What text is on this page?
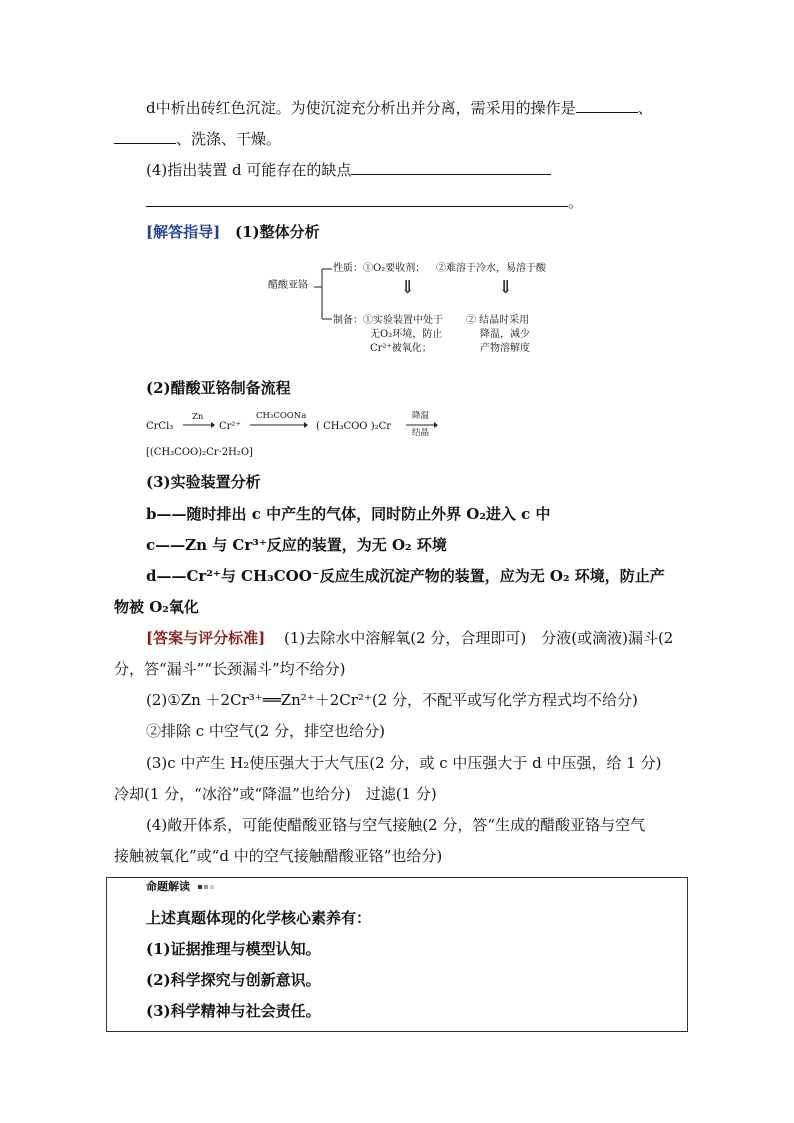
d中析出砖红色沉淀。为使沉淀充分析出并分离，需采用的操作是	、
、洗涤、干燥。
(4)指出装置 d 可能存在的缺点
。
[解答指导] (1)整体分析
醋酸亚铬
性质：①O₂要收剂； ②难溶于冷水，易溶于酸
⇓	⇓
制备：①实验装置中处于
无O₂环境，防止
Cr²⁺被氧化；
② 结晶时采用
降温，减少
产物溶解度
(2)醋酸亚铬制备流程
CrCl₃
Zn
Cr²⁺
CH₃COONa
( CH₃COO )₂Cr
降温
结晶
[(CH₃COO)₂Cr·2H₂O]
(3)实验装置分析
b——随时排出 c 中产生的气体，同时防止外界 O₂进入 c 中
c——Zn 与 Cr³⁺反应的装置，为无 O₂ 环境
d——Cr²⁺与 CH₃COO⁻反应生成沉淀产物的装置，应为无 O₂ 环境，防止产
物被 O₂氧化
[答案与评分标准] (1)去除水中溶解氧(2 分，合理即可)　分液(或滴液)漏斗(2
分，答“漏斗”“长颈漏斗”均不给分)
(2)①Zn ＋2Cr³⁺══Zn²⁺＋2Cr²⁺(2 分，不配平或写化学方程式均不给分)
②排除 c 中空气(2 分，排空也给分)
(3)c 中产生 H₂使压强大于大气压(2 分，或 c 中压强大于 d 中压强，给 1 分)
冷却(1 分，“冰浴”或“降温”也给分)　过滤(1 分)
(4)敞开体系，可能使醋酸亚铬与空气接触(2 分，答“生成的醋酸亚铬与空气
接触被氧化”或“d 中的空气接触醋酸亚铬”也给分)
命题解读
上述真题体现的化学核心素养有：
(1)证据推理与模型认知。
(2)科学探究与创新意识。
(3)科学精神与社会责任。
